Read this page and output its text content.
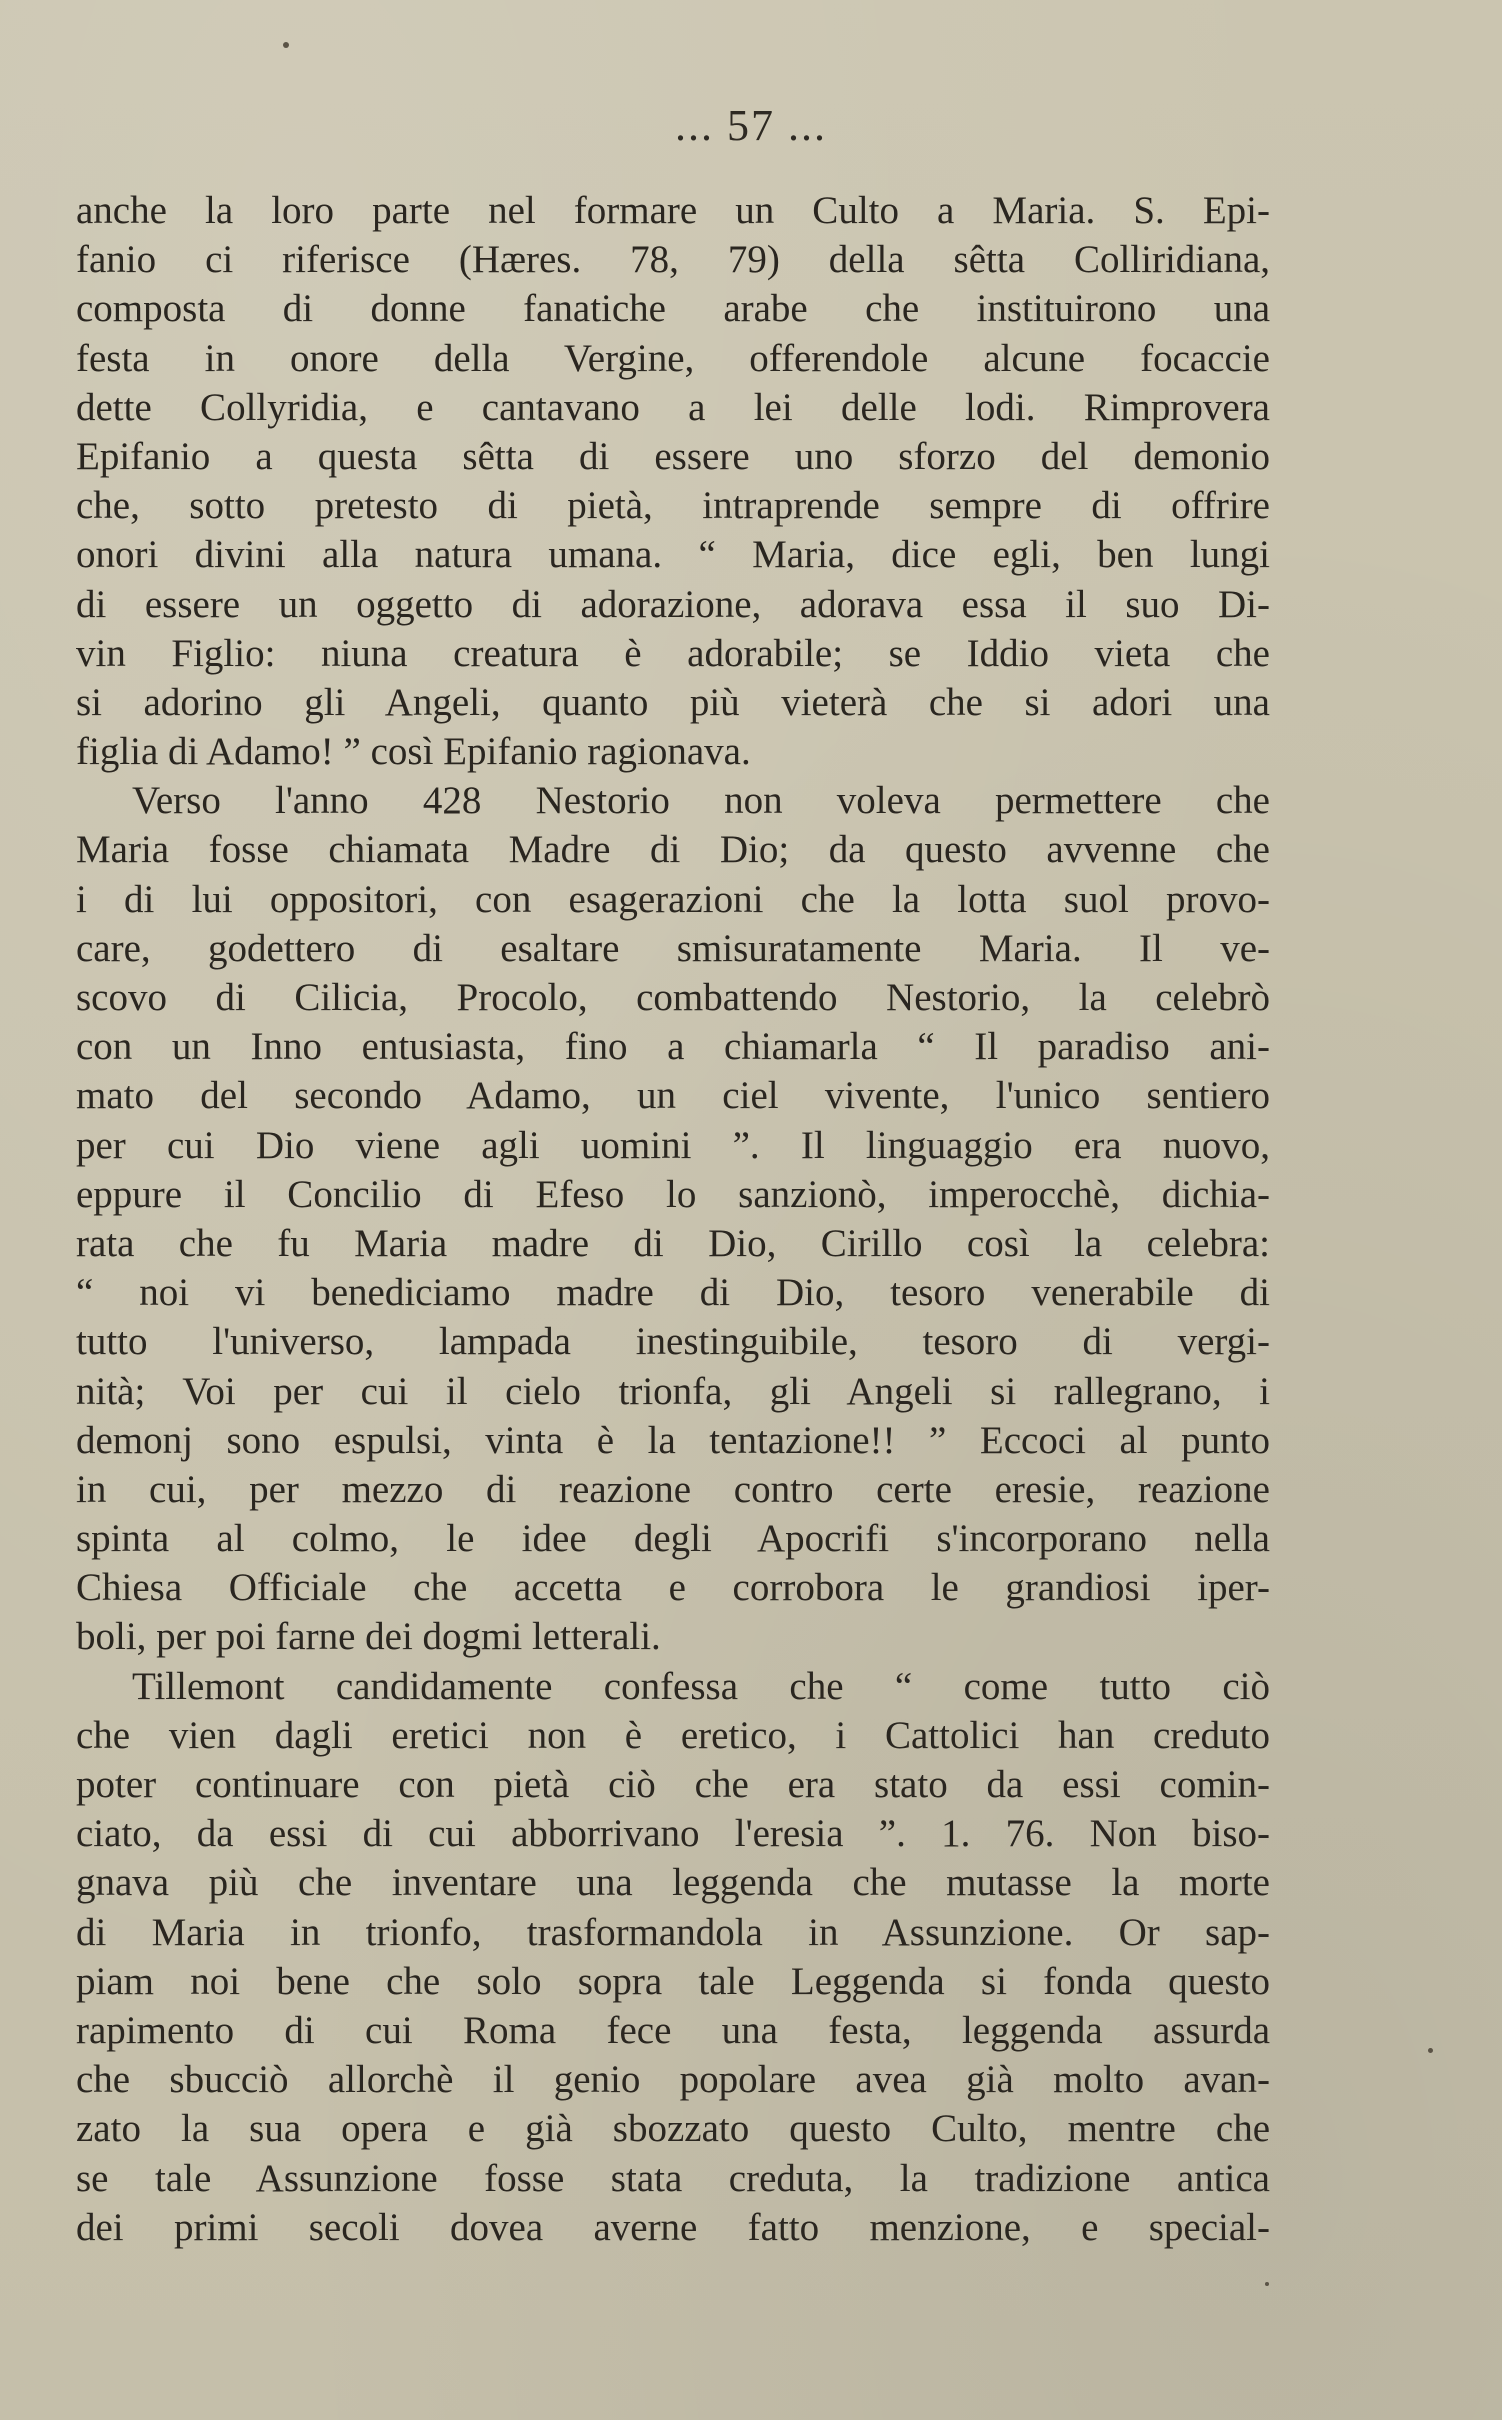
... 57 ...
anche la loro parte nel formare un Culto a Maria. S. Epi-
fanio ci riferisce (Hæres. 78, 79) della sêtta Colliridiana,
composta di donne fanatiche arabe che instituirono una
festa in onore della Vergine, offerendole alcune focaccie
dette Collyridia, e cantavano a lei delle lodi. Rimprovera
Epifanio a questa sêtta di essere uno sforzo del demonio
che, sotto pretesto di pietà, intraprende sempre di offrire
onori divini alla natura umana. “ Maria, dice egli, ben lungi
di essere un oggetto di adorazione, adorava essa il suo Di-
vin Figlio: niuna creatura è adorabile; se Iddio vieta che
si adorino gli Angeli, quanto più vieterà che si adori una
figlia di Adamo! ” così Epifanio ragionava.
Verso l'anno 428 Nestorio non voleva permettere che
Maria fosse chiamata Madre di Dio; da questo avvenne che
i di lui oppositori, con esagerazioni che la lotta suol provo-
care, godettero di esaltare smisuratamente Maria. Il ve-
scovo di Cilicia, Procolo, combattendo Nestorio, la celebrò
con un Inno entusiasta, fino a chiamarla “ Il paradiso ani-
mato del secondo Adamo, un ciel vivente, l'unico sentiero
per cui Dio viene agli uomini ”. Il linguaggio era nuovo,
eppure il Concilio di Efeso lo sanzionò, imperocchè, dichia-
rata che fu Maria madre di Dio, Cirillo così la celebra:
“ noi vi benediciamo madre di Dio, tesoro venerabile di
tutto l'universo, lampada inestinguibile, tesoro di vergi-
nità; Voi per cui il cielo trionfa, gli Angeli si rallegrano, i
demonj sono espulsi, vinta è la tentazione!! ” Eccoci al punto
in cui, per mezzo di reazione contro certe eresie, reazione
spinta al colmo, le idee degli Apocrifi s'incorporano nella
Chiesa Officiale che accetta e corrobora le grandiosi iper-
boli, per poi farne dei dogmi letterali.
Tillemont candidamente confessa che “ come tutto ciò
che vien dagli eretici non è eretico, i Cattolici han creduto
poter continuare con pietà ciò che era stato da essi comin-
ciato, da essi di cui abborrivano l'eresia ”. 1. 76. Non biso-
gnava più che inventare una leggenda che mutasse la morte
di Maria in trionfo, trasformandola in Assunzione. Or sap-
piam noi bene che solo sopra tale Leggenda si fonda questo
rapimento di cui Roma fece una festa, leggenda assurda
che sbucciò allorchè il genio popolare avea già molto avan-
zato la sua opera e già sbozzato questo Culto, mentre che
se tale Assunzione fosse stata creduta, la tradizione antica
dei primi secoli dovea averne fatto menzione, e special-
